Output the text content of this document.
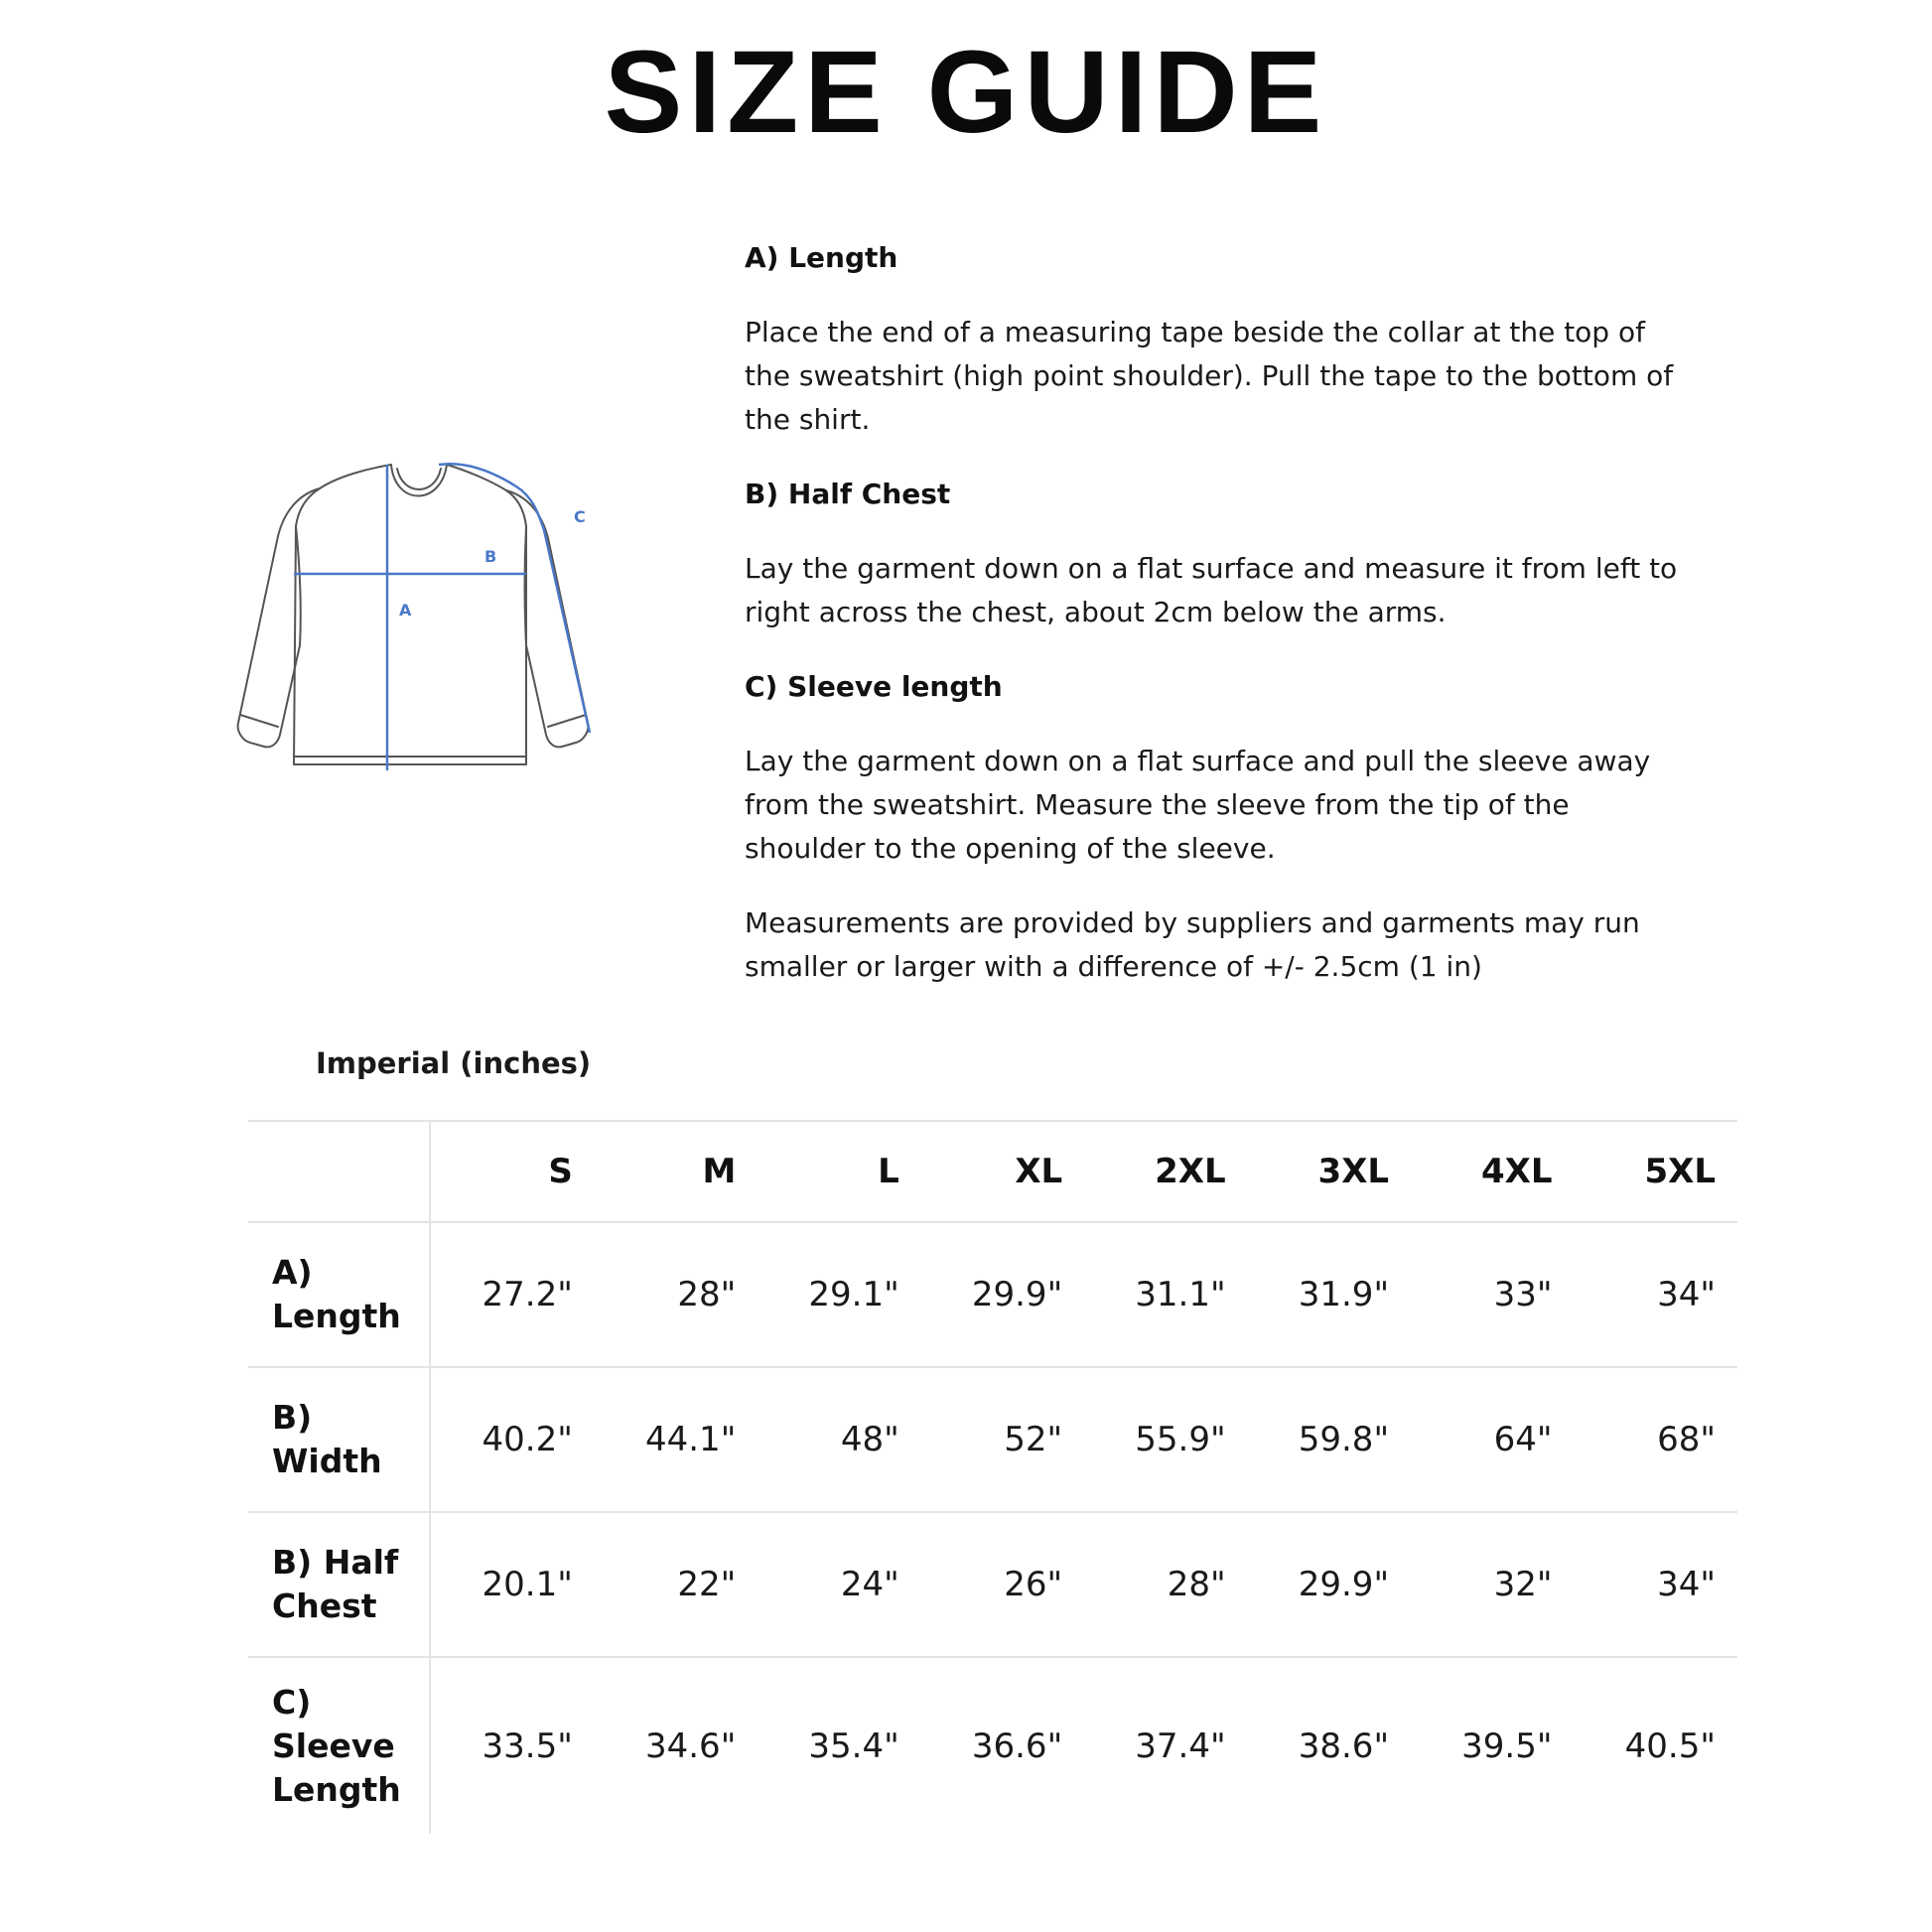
SIZE GUIDE
A
B
C
A) Length
Place the end of a measuring tape beside the collar at the top of the sweatshirt (high point shoulder). Pull the tape to the bottom of the shirt.
B) Half Chest
Lay the garment down on a flat surface and measure it from left to right across the chest, about 2cm below the arms.
C) Sleeve length
Lay the garment down on a flat surface and pull the sleeve away from the sweatshirt. Measure the sleeve from the tip of the shoulder to the opening of the sleeve.
Measurements are provided by suppliers and garments may run smaller or larger with a difference of +/- 2.5cm (1 in)
Imperial (inches)
	S	M	L	XL	2XL	3XL	4XL	5XL

A)
Length	27.2"	28"	29.1"	29.9"	31.1"	31.9"	33"	34"

B)
Width	40.2"	44.1"	48"	52"	55.9"	59.8"	64"	68"

B) Half
Chest	20.1"	22"	24"	26"	28"	29.9"	32"	34"

C)
Sleeve
Length	33.5"	34.6"	35.4"	36.6"	37.4"	38.6"	39.5"	40.5"
